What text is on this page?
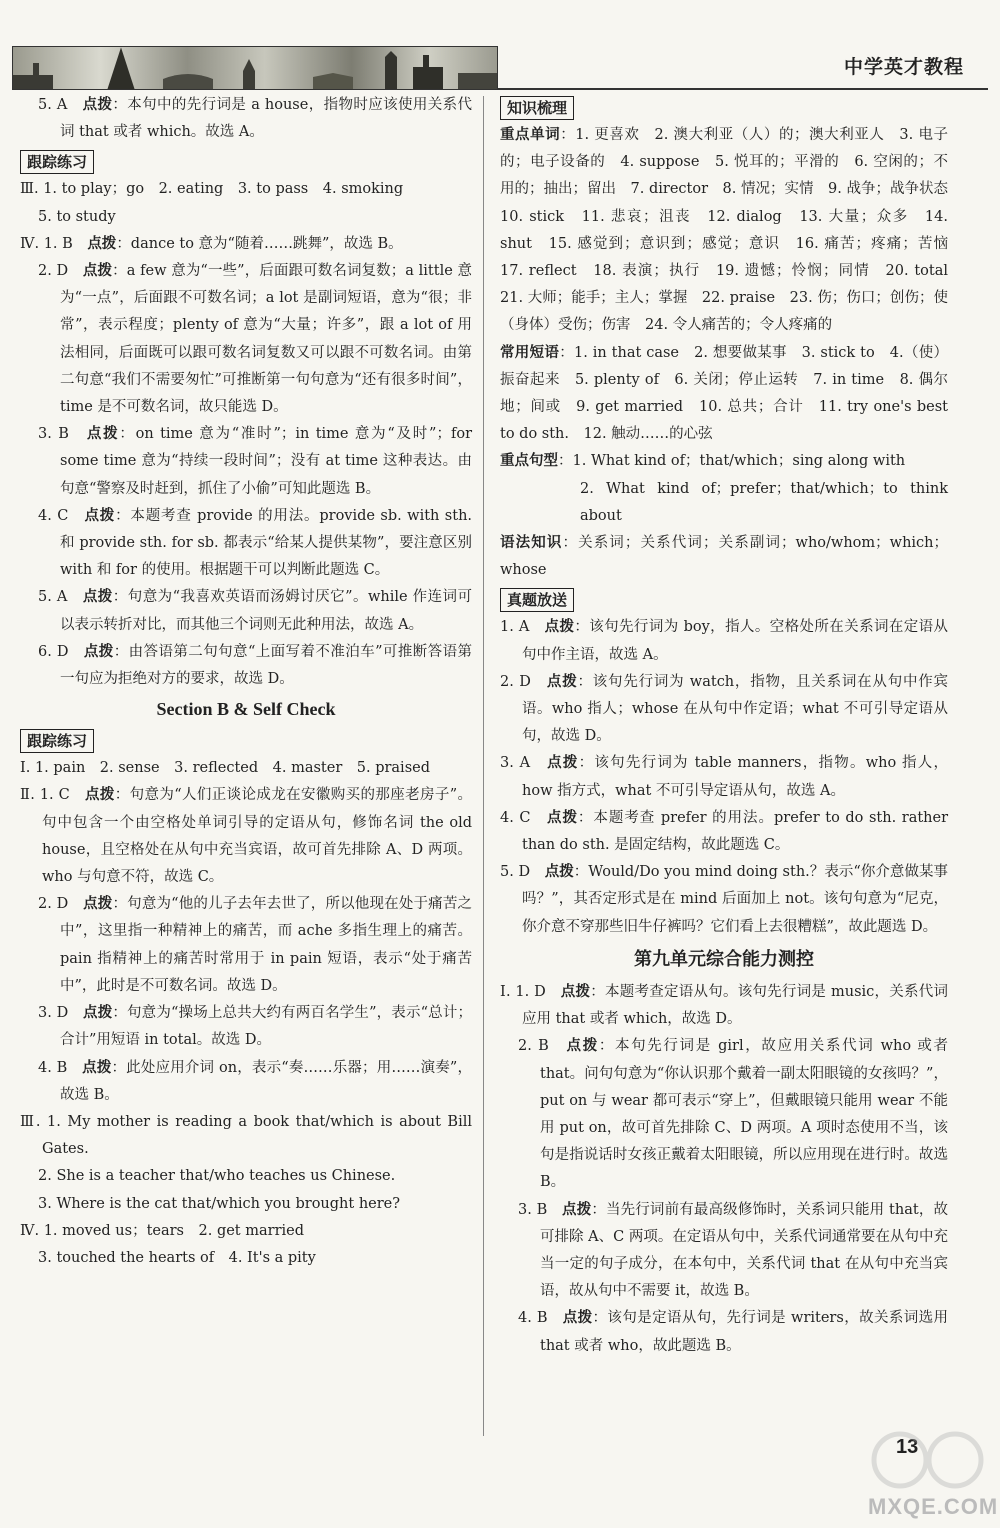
中学英才教程

5. A　 点拨：本句中的先行词是 a house，指物时应该使用关系代词 that 或者 which。故选 A。

跟踪练习

Ⅲ. 1. to play；go　2. eating　3. to pass　4. smoking

5. to study

Ⅳ. 1. B　 点拨：dance to 意为“随着……跳舞”，故选 B。

2. D　 点拨：a few 意为“一些”，后面跟可数名词复数；a little 意为“一点”，后面跟不可数名词；a lot 是副词短语，意为“很；非常”，表示程度；plenty of 意为“大量；许多”，跟 a lot of 用法相同，后面既可以跟可数名词复数又可以跟不可数名词。由第二句意“我们不需要匆忙”可推断第一句句意为“还有很多时间”，time 是不可数名词，故只能选 D。

3. B　 点拨：on time 意为“准时”；in time 意为“及时”；for some time 意为“持续一段时间”；没有 at time 这种表达。由句意“警察及时赶到，抓住了小偷”可知此题选 B。

4. C　 点拨：本题考查 provide 的用法。provide sb. with sth. 和 provide sth. for sb. 都表示“给某人提供某物”，要注意区别 with 和 for 的使用。根据题干可以判断此题选 C。

5. A　 点拨：句意为“我喜欢英语而汤姆讨厌它”。while 作连词可以表示转折对比，而其他三个词则无此种用法，故选 A。

6. D　 点拨：由答语第二句句意“上面写着不准泊车”可推断答语第一句应为拒绝对方的要求，故选 D。

Section B & Self Check
跟踪练习

Ⅰ. 1. pain　2. sense　3. reflected　4. master　5. praised

Ⅱ. 1. C　 点拨：句意为“人们正谈论成龙在安徽购买的那座老房子”。句中包含一个由空格处单词引导的定语从句，修饰名词 the old house，且空格处在从句中充当宾语，故可首先排除 A、D 两项。who 与句意不符，故选 C。

2. D　 点拨：句意为“他的儿子去年去世了，所以他现在处于痛苦之中”，这里指一种精神上的痛苦，而 ache 多指生理上的痛苦。pain 指精神上的痛苦时常用于 in pain 短语，表示“处于痛苦中”，此时是不可数名词。故选 D。

3. D　 点拨：句意为“操场上总共大约有两百名学生”，表示“总计；合计”用短语 in total。故选 D。

4. B　 点拨：此处应用介词 on，表示“奏……乐器；用……演奏”，故选 B。

Ⅲ. 1. My mother is reading a book that/which is about Bill Gates.

2. She is a teacher that/who teaches us Chinese.

3. Where is the cat that/which you brought here?

Ⅳ. 1. moved us；tears　2. get married

3. touched the hearts of　4. It's a pity

知识梳理

重点单词：1. 更喜欢　2. 澳大利亚（人）的；澳大利亚人　3. 电子的；电子设备的　4. suppose　5. 悦耳的；平滑的　6. 空闲的；不用的；抽出；留出　7. director　8. 情况；实情　9. 战争；战争状态　10. stick　11. 悲哀；沮丧　12. dialog　13. 大量；众多　14. shut　15. 感觉到；意识到；感觉；意识　16. 痛苦；疼痛；苦恼　17. reflect　18. 表演；执行　19. 遗憾；怜悯；同情　20. total　21. 大师；能手；主人；掌握　22. praise　23. 伤；伤口；创伤；使（身体）受伤；伤害　24. 令人痛苦的；令人疼痛的

常用短语：1. in that case　2. 想要做某事　3. stick to　4.（使）振奋起来　5. plenty of　6. 关闭；停止运转　7. in time　8. 偶尔地；间或　9. get married　10. 总共；合计　11. try one's best to do sth.　12. 触动……的心弦

重点句型：1. What kind of；that/which；sing along with

2. What kind of；prefer；that/which；to think about

语法知识：关系词；关系代词；关系副词；who/whom；which；whose

真题放送

1. A　 点拨：该句先行词为 boy，指人。空格处所在关系词在定语从句中作主语，故选 A。

2. D　 点拨：该句先行词为 watch，指物，且关系词在从句中作宾语。who 指人；whose 在从句中作定语；what 不可引导定语从句，故选 D。

3. A　 点拨：该句先行词为 table manners，指物。who 指人，how 指方式，what 不可引导定语从句，故选 A。

4. C　 点拨：本题考查 prefer 的用法。prefer to do sth. rather than do sth. 是固定结构，故此题选 C。

5. D　 点拨：Would/Do you mind doing sth.？表示“你介意做某事吗？”，其否定形式是在 mind 后面加上 not。该句句意为“尼克，你介意不穿那些旧牛仔裤吗？它们看上去很糟糕”，故此题选 D。

第九单元综合能力测控

Ⅰ. 1. D　 点拨：本题考查定语从句。该句先行词是 music，关系代词应用 that 或者 which，故选 D。

2. B　 点拨：本句先行词是 girl，故应用关系代词 who 或者 that。问句句意为“你认识那个戴着一副太阳眼镜的女孩吗？”，put on 与 wear 都可表示“穿上”，但戴眼镜只能用 wear 不能用 put on，故可首先排除 C、D 两项。A 项时态使用不当，该句是指说话时女孩正戴着太阳眼镜，所以应用现在进行时。故选 B。

3. B　 点拨：当先行词前有最高级修饰时，关系词只能用 that，故可排除 A、C 两项。在定语从句中，关系代词通常要在从句中充当一定的句子成分，在本句中，关系代词 that 在从句中充当宾语，故从句中不需要 it，故选 B。

4. B　 点拨：该句是定语从句，先行词是 writers，故关系词选用 that 或者 who，故此题选 B。

13
MXQE.COM
